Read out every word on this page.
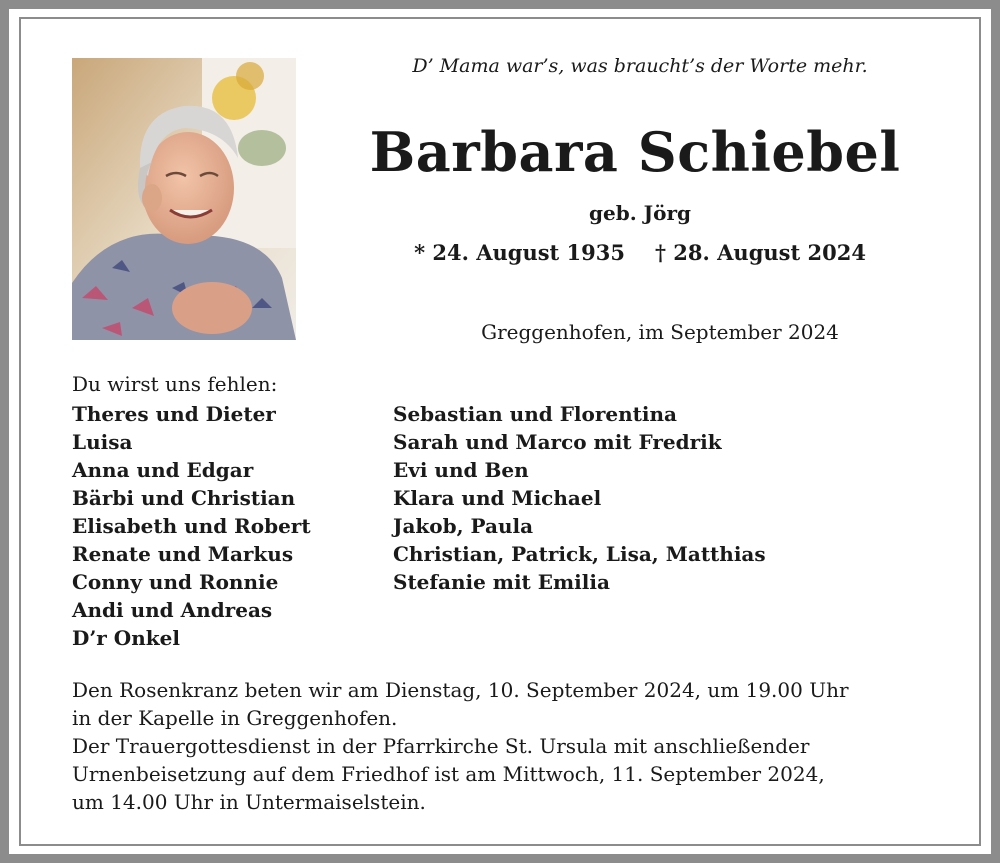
D’ Mama war’s, was braucht’s der Worte mehr.
Barbara Schiebel
geb. Jörg
* 24. August 1935 † 28. August 2024
Greggenhofen, im September 2024
Du wirst uns fehlen:
Theres und Dieter
Luisa
Anna und Edgar
Bärbi und Christian
Elisabeth und Robert
Renate und Markus
Conny und Ronnie
Andi und Andreas
D’r Onkel
Sebastian und Florentina
Sarah und Marco mit Fredrik
Evi und Ben
Klara und Michael
Jakob, Paula
Christian, Patrick, Lisa, Matthias
Stefanie mit Emilia

Den Rosenkranz beten wir am Dienstag, 10. September 2024, um 19.00 Uhr

in der Kapelle in Greggenhofen.

Der Trauergottesdienst in der Pfarrkirche St. Ursula mit anschließender

Urnenbeisetzung auf dem Friedhof ist am Mittwoch, 11. September 2024,

um 14.00 Uhr in Untermaiselstein.
